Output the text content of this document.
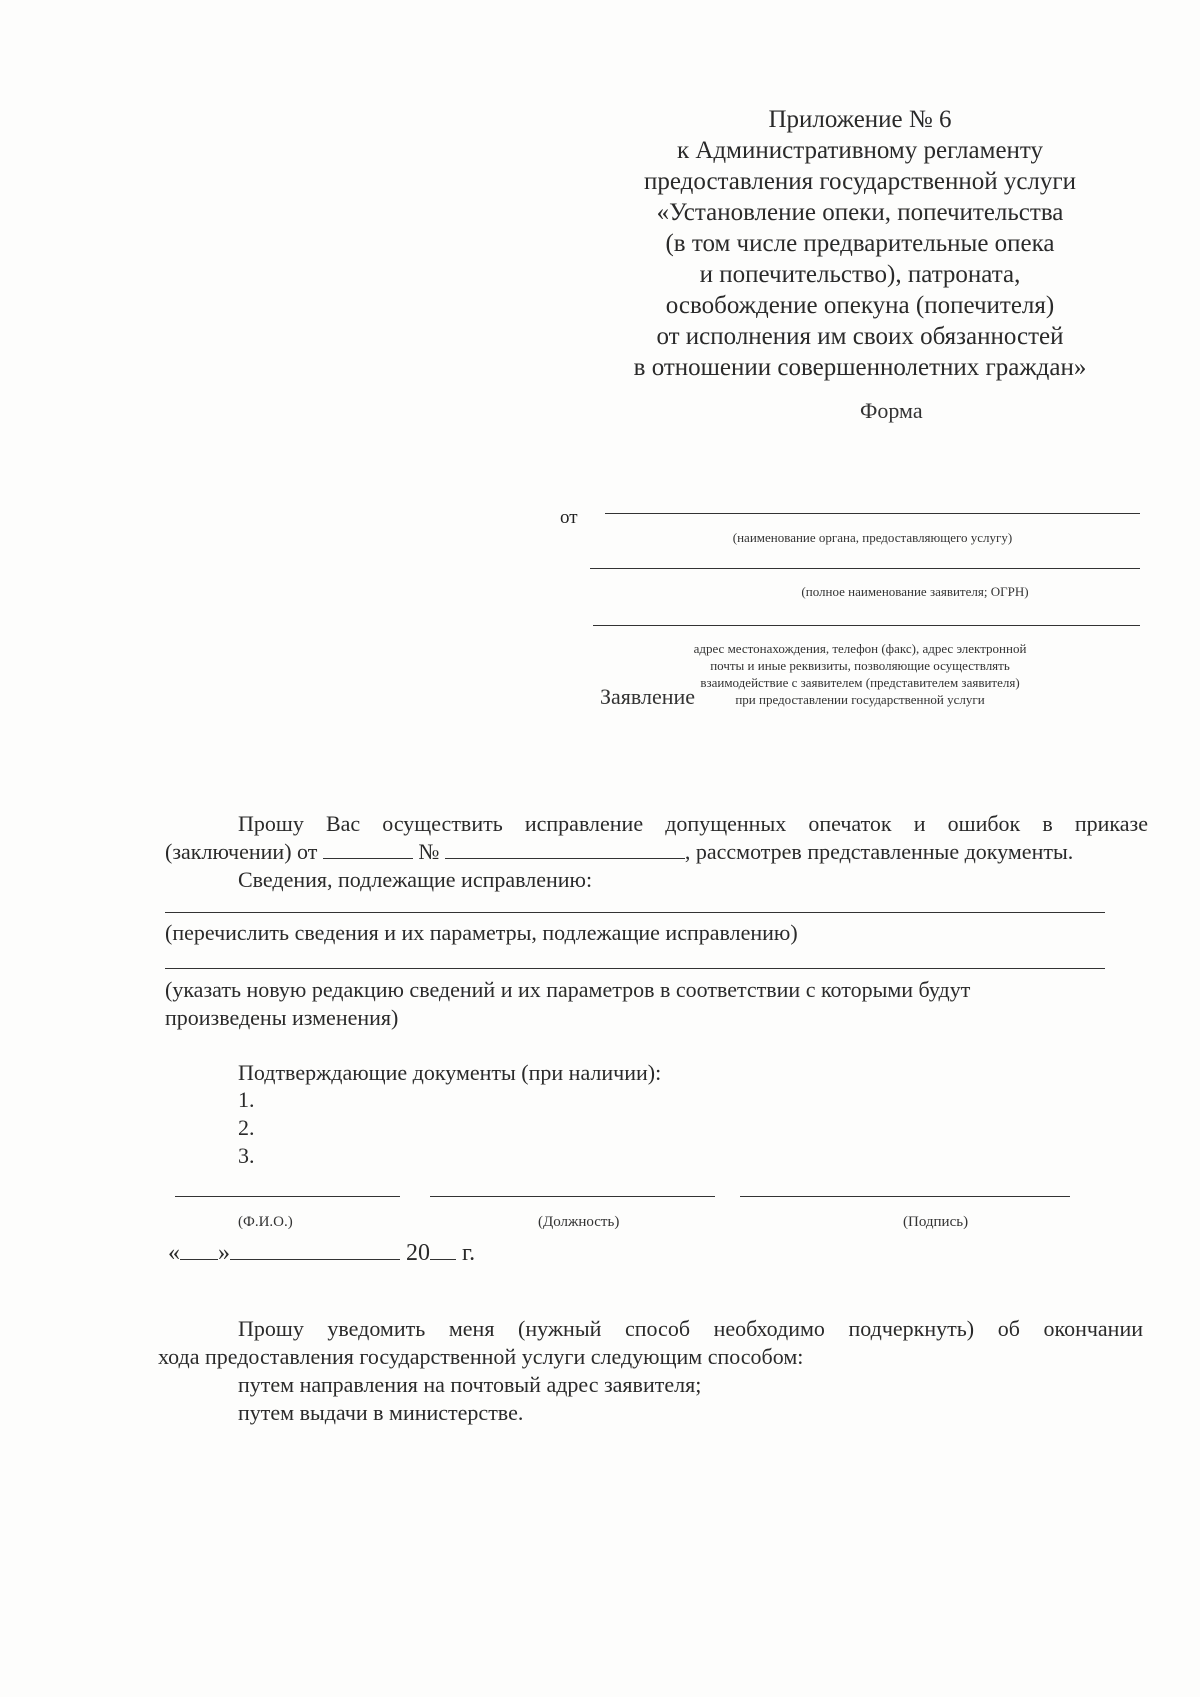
Приложение № 6
к Административному регламенту
предоставления государственной услуги
«Установление опеки, попечительства
(в том числе предварительные опека
и попечительство), патроната,
освобождение опекуна (попечителя)
от исполнения им своих обязанностей
в отношении совершеннолетних граждан»
Форма
(наименование органа, предоставляющего услугу)
от
(полное наименование заявителя; ОГРН)
адрес местонахождения, телефон (факс), адрес электронной
почты и иные реквизиты, позволяющие осуществлять
взаимодействие с заявителем (представителем заявителя)
при предоставлении государственной услуги
Заявление
Прошу Вас осуществить исправление допущенных опечаток и ошибок в приказе
(заключении) от	№	, рассмотрев представленные документы.
Сведения, подлежащие исправлению:
(перечислить сведения и их параметры, подлежащие исправлению)
(указать новую редакцию сведений и их параметров в соответствии с которыми будут
произведены изменения)
Подтверждающие документы (при наличии):
1.
2.
3.
(Ф.И.О.)	(Должность)	(Подпись)
« »	20 г.
Прошу уведомить меня (нужный способ необходимо подчеркнуть) об окончании
хода предоставления государственной услуги следующим способом:
путем направления на почтовый адрес заявителя;
путем выдачи в министерстве.
